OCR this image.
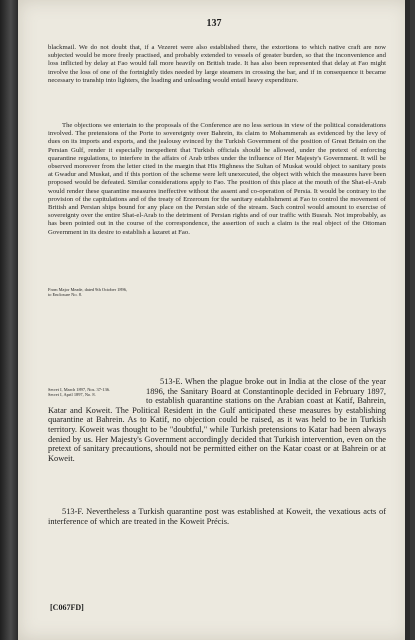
137

blackmail. We do not doubt that, if a Vezeret were also established there, the extortions to which native craft are now subjected would be more freely practised, and probably extended to vessels of greater burden, so that the inconvenience and loss inflicted by delay at Fao would fall more heavily on British trade. It has also been represented that delay at Fao might involve the loss of one of the fortnightly tides needed by large steamers in crossing the bar, and if in consequence it became necessary to tranship into lighters, the loading and unloading would entail heavy expenditure.

The objections we entertain to the proposals of the Conference are no less serious in view of the political considerations involved. The pretensions of the Porte to sovereignty over Bahrein, its claim to Mohammerah as evidenced by the levy of dues on its imports and exports, and the jealousy evinced by the Turkish Government of the position of Great Britain on the Persian Gulf, render it especially inexpedient that Turkish officials should be allowed, under the pretext of enforcing quarantine regulations, to interfere in the affairs of Arab tribes under the influence of Her Majesty's Government. It will be observed moreover from the letter cited in the margin that His Highness the Sultan of Muskat would object to sanitary posts at Gwadur and Muskat, and if this portion of the scheme were left unexecuted, the object with which the measures have been proposed would be defeated. Similar considerations apply to Fao. The position of this place at the mouth of the Shat-el-Arab would render these quarantine measures ineffective without the assent and co-operation of Persia. It would be contrary to the provision of the capitulations and of the treaty of Erzeroum for the sanitary establishment at Fao to control the movement of British and Persian ships bound for any place on the Persian side of the stream. Such control would amount to exercise of sovereignty over the entire Shat-el-Arab to the detriment of Persian rights and of our traffic with Busrah. Not improbably, as has been pointed out in the course of the correspondence, the assertion of such a claim is the real object of the Ottoman Government in its desire to establish a lazaret at Fao.

From Major Meade, dated 9th October 1896,
to Enclosure No. 8.
Secret I, March 1897, Nos. 37-136.
Secret I, April 1897, No. 8.

513-E. When the plague broke out in India at the close of the year 1896, the Sanitary Board at Constantinople decided in February 1897, to establish quarantine stations on the Arabian coast at Katif, Bahrein, Katar and Koweit. The Political Resident in the Gulf anticipated these measures by establishing quarantine at Bahrein. As to Katif, no objection could be raised, as it was held to be in Turkish territory. Koweit was thought to be "doubtful," while Turkish pretensions to Katar had been always denied by us. Her Majesty's Government accordingly decided that Turkish intervention, even on the pretext of sanitary precautions, should not be permitted either on the Katar coast or at Bahrein or at Koweit.

513-F. Nevertheless a Turkish quarantine post was established at Koweit, the vexatious acts of interference of which are treated in the Koweit Précis.

[C067FD]
